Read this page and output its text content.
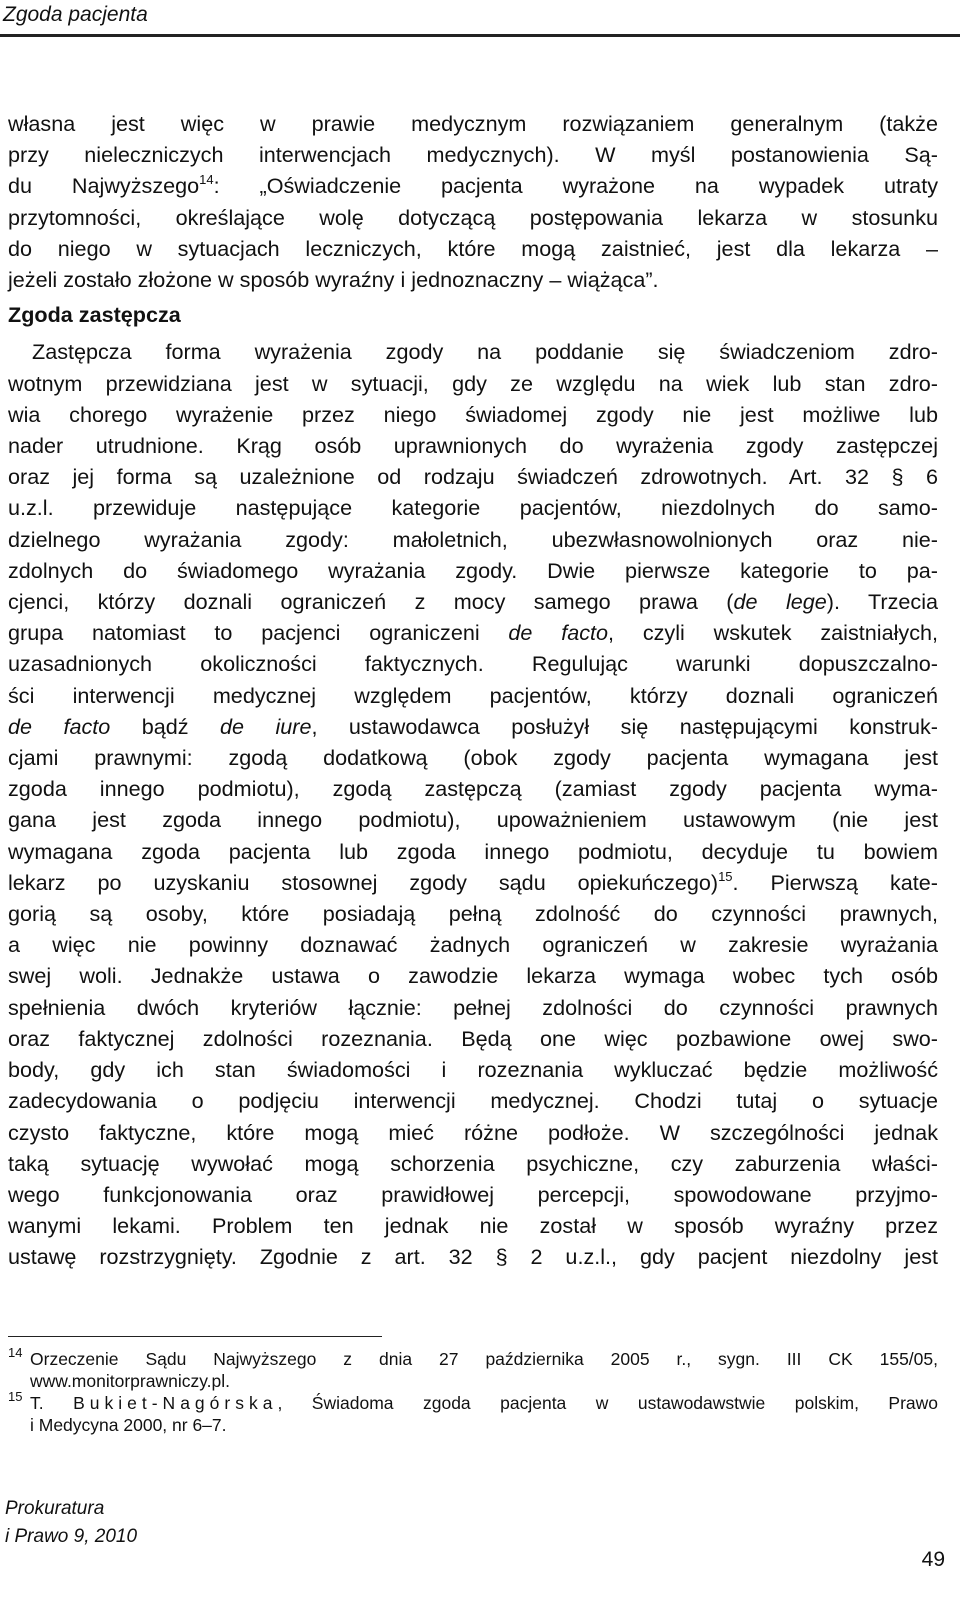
Zgoda pacjenta

własna jest więc w prawie medycznym rozwiązaniem generalnym (także

przy nieleczniczych interwencjach medycznych). W myśl postanowienia Są-

du Najwyższego$^{14}$: „Oświadczenie pacjenta wyrażone na wypadek utraty

przytomności, określające wolę dotyczącą postępowania lekarza w stosunku

do niego w sytuacjach leczniczych, które mogą zaistnieć, jest dla lekarza –

jeżeli zostało złożone w sposób wyraźny i jednoznaczny – wiążąca”.

Zgoda zastępcza

Zastępcza forma wyrażenia zgody na poddanie się świadczeniom zdro-

wotnym przewidziana jest w sytuacji, gdy ze względu na wiek lub stan zdro-

wia chorego wyrażenie przez niego świadomej zgody nie jest możliwe lub

nader utrudnione. Krąg osób uprawnionych do wyrażenia zgody zastępczej

oraz jej forma są uzależnione od rodzaju świadczeń zdrowotnych. Art. 32 § 6

u.z.l. przewiduje następujące kategorie pacjentów, niezdolnych do samo-

dzielnego wyrażania zgody: małoletnich, ubezwłasnowolnionych oraz nie-

zdolnych do świadomego wyrażania zgody. Dwie pierwsze kategorie to pa-

cjenci, którzy doznali ograniczeń z mocy samego prawa (de lege). Trzecia

grupa natomiast to pacjenci ograniczeni de facto, czyli wskutek zaistniałych,

uzasadnionych okoliczności faktycznych. Regulując warunki dopuszczalno-

ści interwencji medycznej względem pacjentów, którzy doznali ograniczeń

de facto bądź de iure, ustawodawca posłużył się następującymi konstruk-

cjami prawnymi: zgodą dodatkową (obok zgody pacjenta wymagana jest

zgoda innego podmiotu), zgodą zastępczą (zamiast zgody pacjenta wyma-

gana jest zgoda innego podmiotu), upoważnieniem ustawowym (nie jest

wymagana zgoda pacjenta lub zgoda innego podmiotu, decyduje tu bowiem

lekarz po uzyskaniu stosownej zgody sądu opiekuńczego)$^{15}$. Pierwszą kate-

gorią są osoby, które posiadają pełną zdolność do czynności prawnych,

a więc nie powinny doznawać żadnych ograniczeń w zakresie wyrażania

swej woli. Jednakże ustawa o zawodzie lekarza wymaga wobec tych osób

spełnienia dwóch kryteriów łącznie: pełnej zdolności do czynności prawnych

oraz faktycznej zdolności rozeznania. Będą one więc pozbawione owej swo-

body, gdy ich stan świadomości i rozeznania wykluczać będzie możliwość

zadecydowania o podjęciu interwencji medycznej. Chodzi tutaj o sytuacje

czysto faktyczne, które mogą mieć różne podłoże. W szczególności jednak

taką sytuację wywołać mogą schorzenia psychiczne, czy zaburzenia właści-

wego funkcjonowania oraz prawidłowej percepcji, spowodowane przyjmo-

wanymi lekami. Problem ten jednak nie został w sposób wyraźny przez

ustawę rozstrzygnięty. Zgodnie z art. 32 § 2 u.z.l., gdy pacjent niezdolny jest

14 Orzeczenie Sądu Najwyższego z dnia 27 października 2005 r., sygn. III CK 155/05,
www.monitorprawniczy.pl.
15 T. Bukiet-Nagórska, Świadoma zgoda pacjenta w ustawodawstwie polskim, Prawo
i Medycyna 2000, nr 6–7.
Prokuratura
i Prawo 9, 2010
49
